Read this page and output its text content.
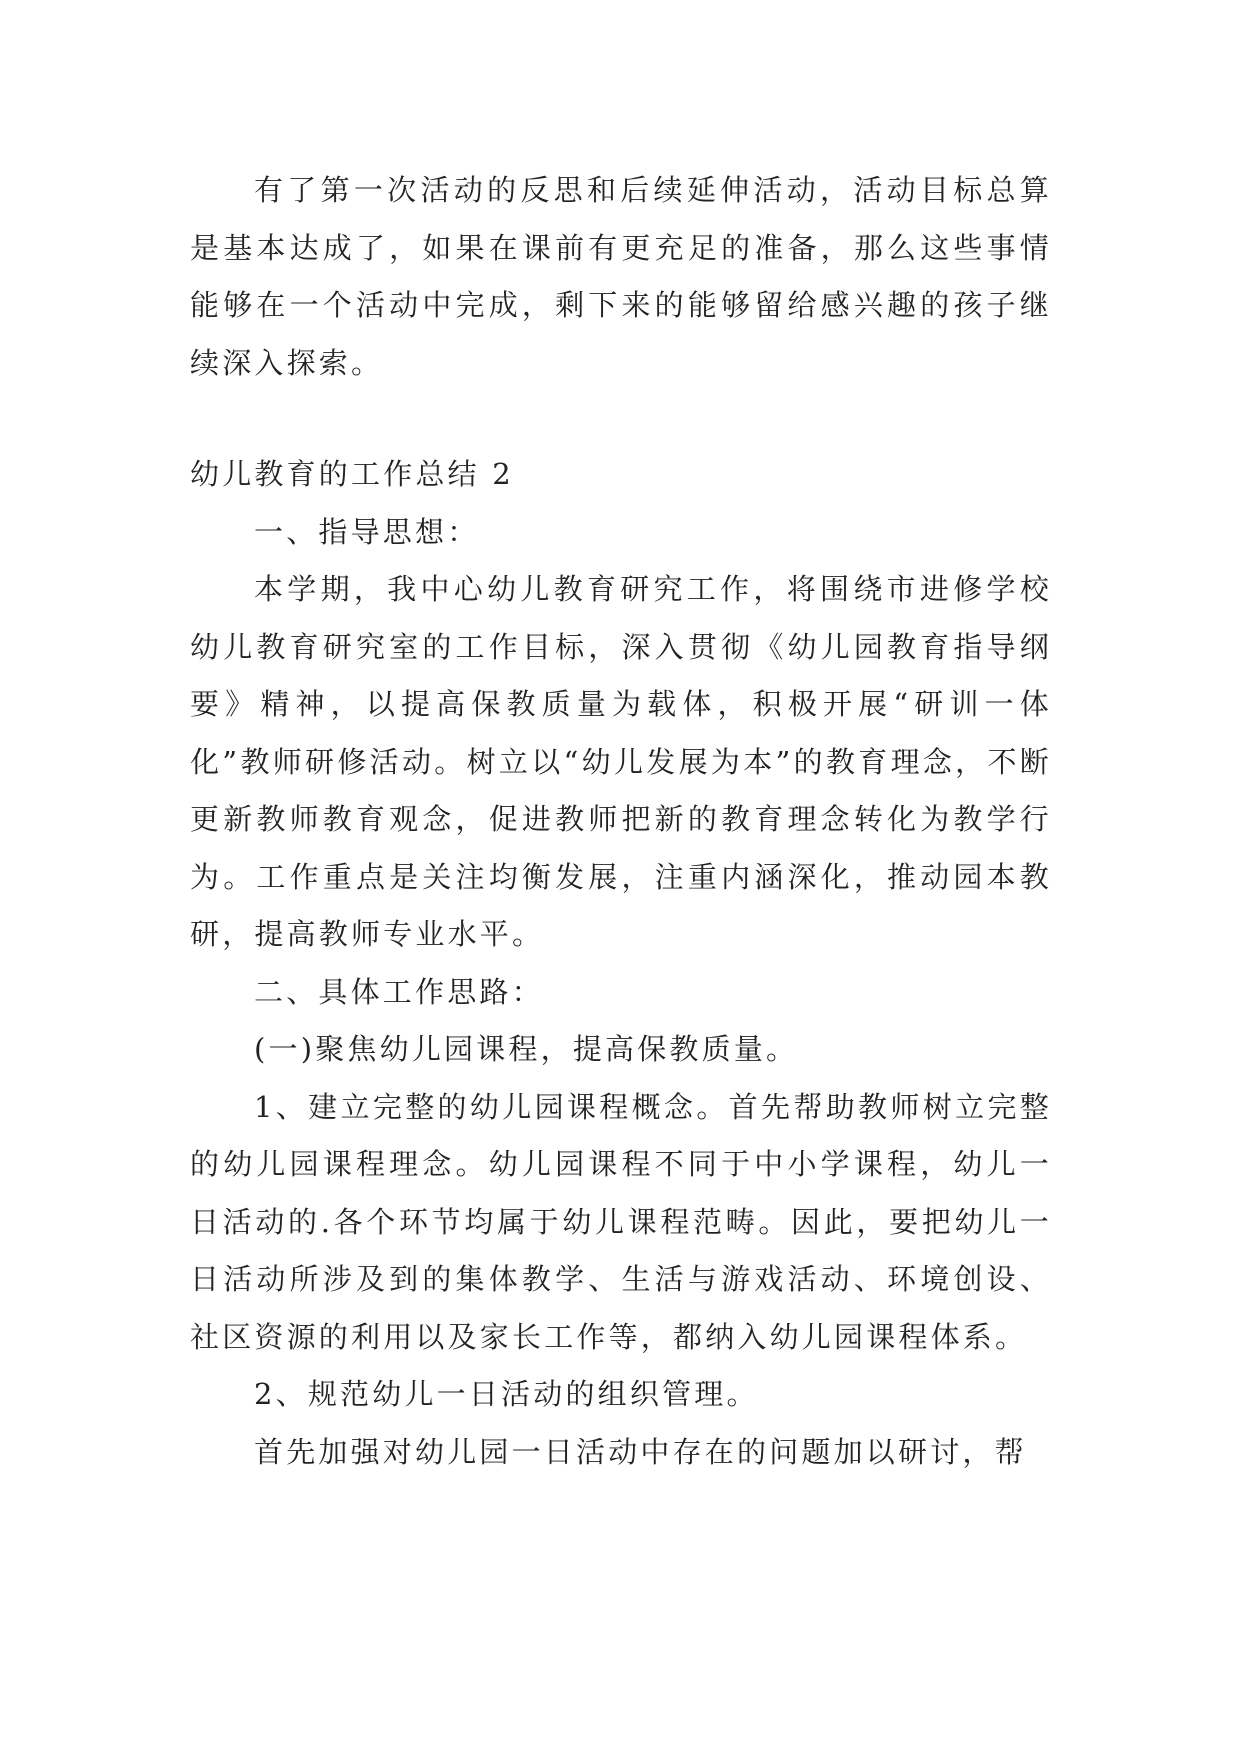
有了第一次活动的反思和后续延伸活动，活动目标总算是基本达成了，如果在课前有更充足的准备，那么这些事情能够在一个活动中完成，剩下来的能够留给感兴趣的孩子继续深入探索。

幼儿教育的工作总结 2

一、指导思想：

本学期，我中心幼儿教育研究工作，将围绕市进修学校幼儿教育研究室的工作目标，深入贯彻《幼儿园教育指导纲要》精神，以提高保教质量为载体，积极开展“研训一体化”教师研修活动。树立以“幼儿发展为本”的教育理念，不断更新教师教育观念，促进教师把新的教育理念转化为教学行为。工作重点是关注均衡发展，注重内涵深化，推动园本教研，提高教师专业水平。

二、具体工作思路：

(一)聚焦幼儿园课程，提高保教质量。

1、建立完整的幼儿园课程概念。首先帮助教师树立完整的幼儿园课程理念。幼儿园课程不同于中小学课程，幼儿一日活动的.各个环节均属于幼儿课程范畴。因此，要把幼儿一日活动所涉及到的集体教学、生活与游戏活动、环境创设、社区资源的利用以及家长工作等，都纳入幼儿园课程体系。

2、规范幼儿一日活动的组织管理。

首先加强对幼儿园一日活动中存在的问题加以研讨，帮
